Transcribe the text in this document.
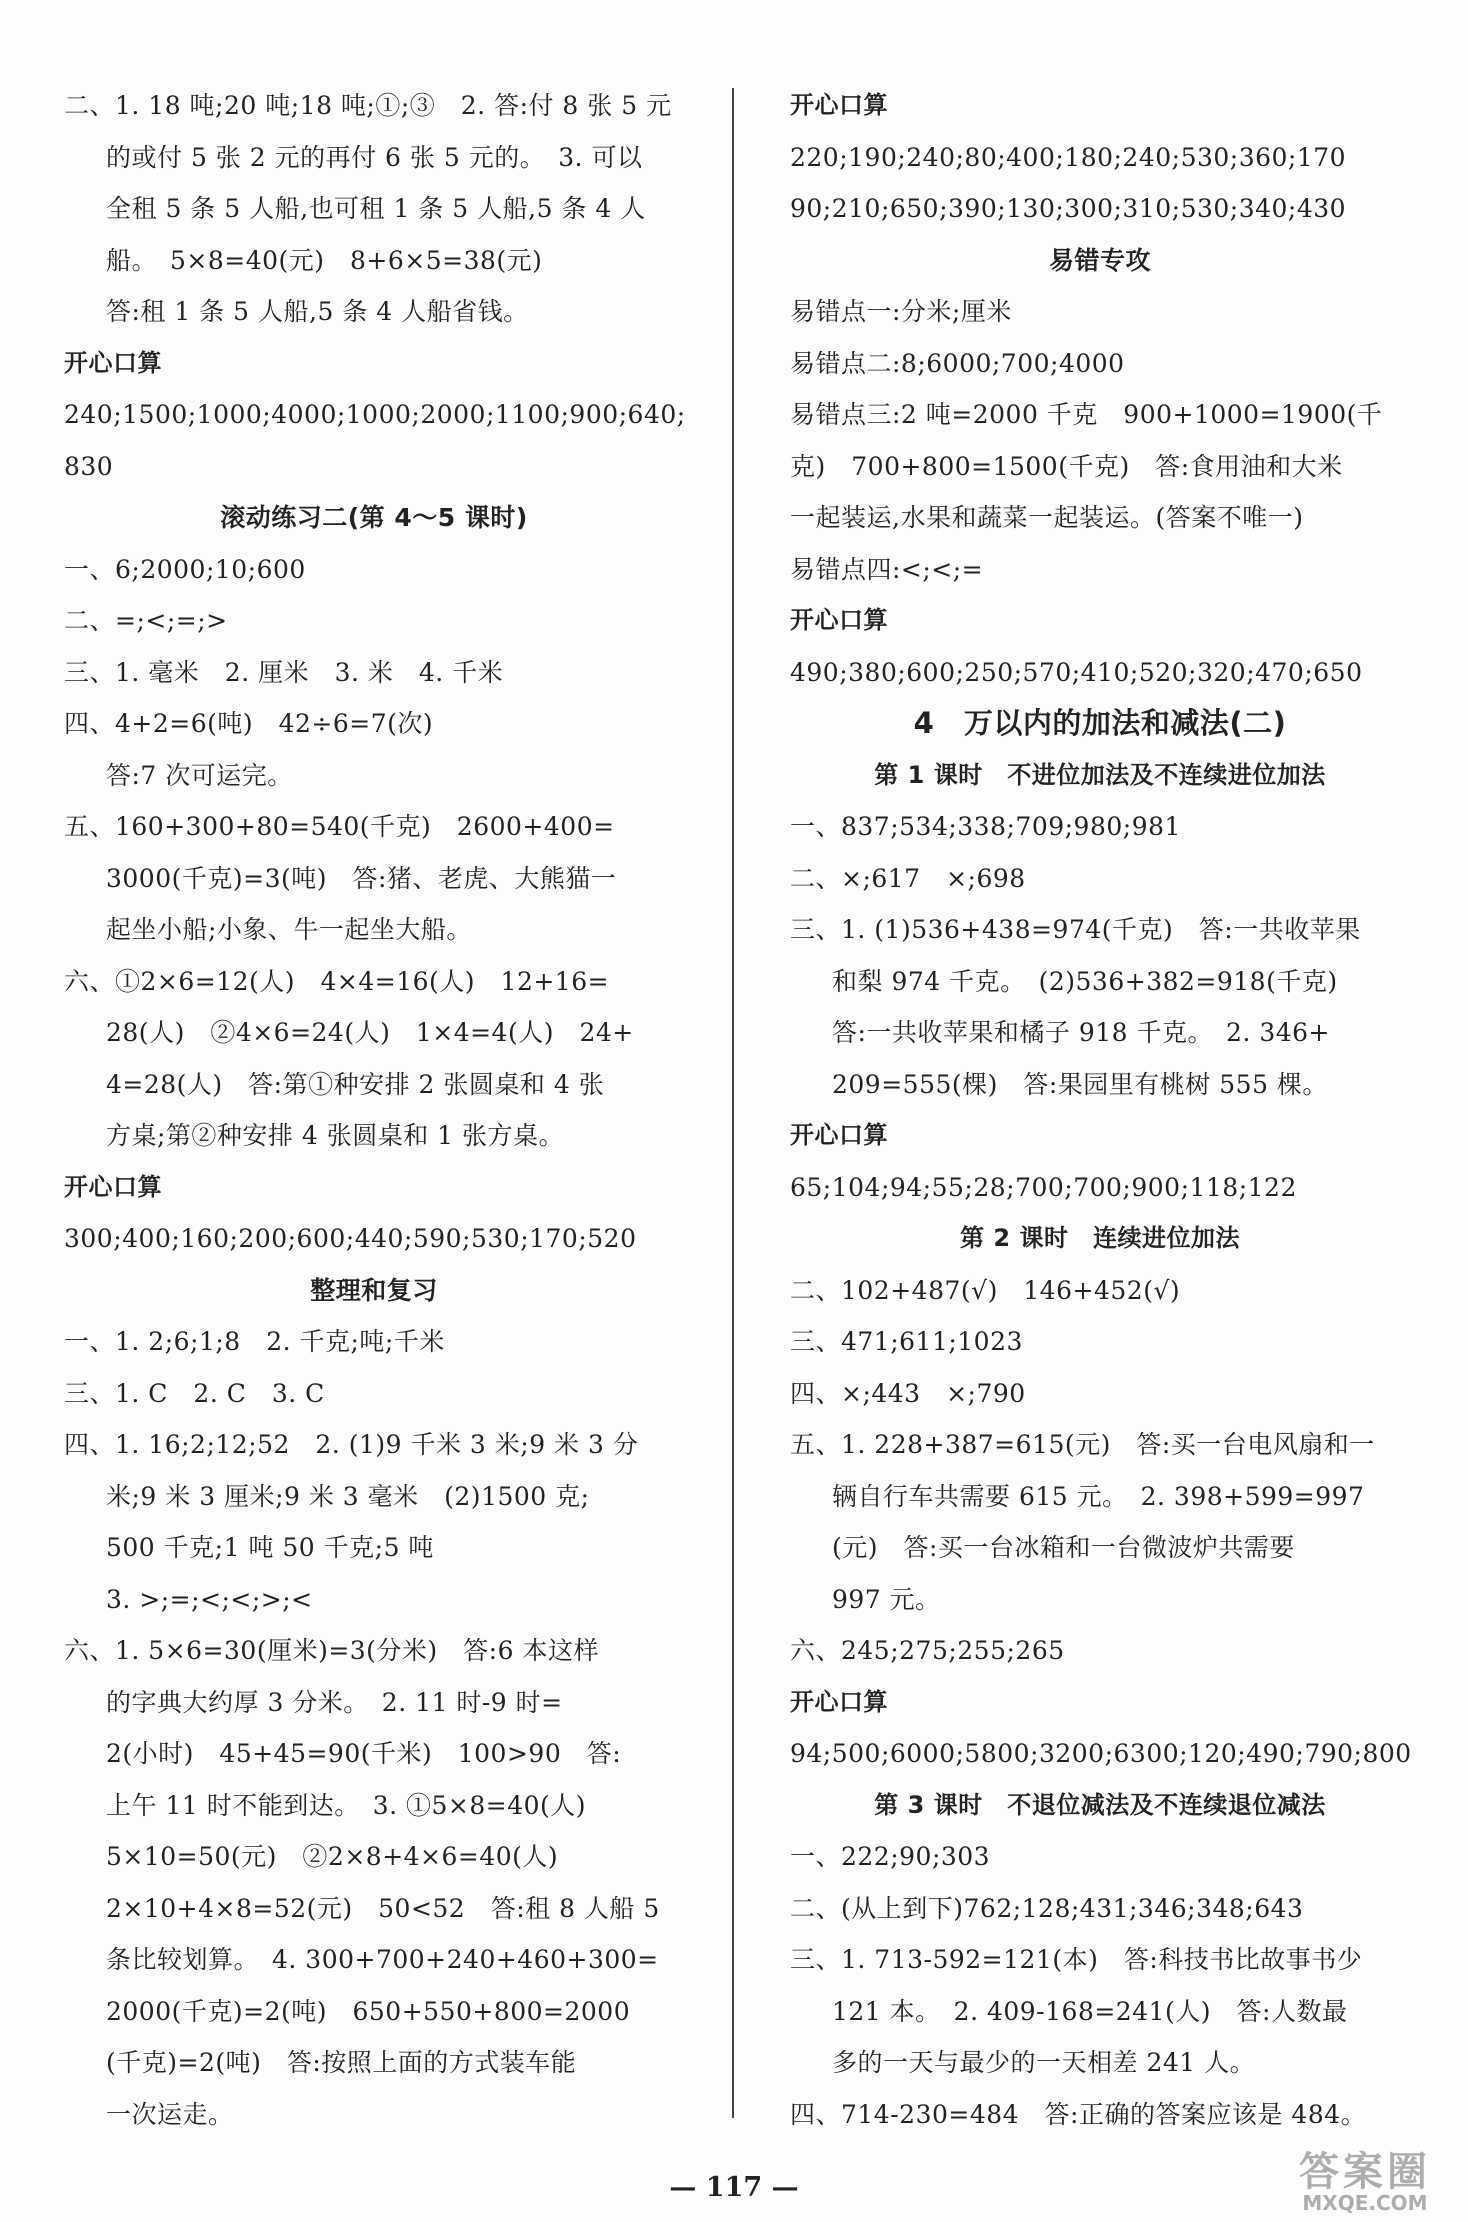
二、1. 18 吨;20 吨;18 吨;①;③　2. 答:付 8 张 5 元
的或付 5 张 2 元的再付 6 张 5 元的。　3. 可以
全租 5 条 5 人船,也可租 1 条 5 人船,5 条 4 人
船。　5×8=40(元)　8+6×5=38(元)
答:租 1 条 5 人船,5 条 4 人船省钱。
开心口算
240;1500;1000;4000;1000;2000;1100;900;640;
830
滚动练习二(第 4～5 课时)
一、6;2000;10;600
二、=;<;=;>
三、1. 毫米　2. 厘米　3. 米　4. 千米
四、4+2=6(吨)　42÷6=7(次)
答:7 次可运完。
五、160+300+80=540(千克)　2600+400=
3000(千克)=3(吨)　答:猪、老虎、大熊猫一
起坐小船;小象、牛一起坐大船。
六、①2×6=12(人)　4×4=16(人)　12+16=
28(人)　②4×6=24(人)　1×4=4(人)　24+
4=28(人)　答:第①种安排 2 张圆桌和 4 张
方桌;第②种安排 4 张圆桌和 1 张方桌。
开心口算
300;400;160;200;600;440;590;530;170;520
整理和复习
一、1. 2;6;1;8　2. 千克;吨;千米
三、1. C　2. C　3. C
四、1. 16;2;12;52　2. (1)9 千米 3 米;9 米 3 分
米;9 米 3 厘米;9 米 3 毫米　(2)1500 克;
500 千克;1 吨 50 千克;5 吨
3. >;=;<;<;>;<
六、1. 5×6=30(厘米)=3(分米)　答:6 本这样
的字典大约厚 3 分米。　2. 11 时-9 时=
2(小时)　45+45=90(千米)　100>90　答:
上午 11 时不能到达。　3. ①5×8=40(人)
5×10=50(元)　②2×8+4×6=40(人)
2×10+4×8=52(元)　50<52　答:租 8 人船 5
条比较划算。　4. 300+700+240+460+300=
2000(千克)=2(吨)　650+550+800=2000
(千克)=2(吨)　答:按照上面的方式装车能
一次运走。
开心口算
220;190;240;80;400;180;240;530;360;170
90;210;650;390;130;300;310;530;340;430
易错专攻
易错点一:分米;厘米
易错点二:8;6000;700;4000
易错点三:2 吨=2000 千克　900+1000=1900(千
克)　700+800=1500(千克)　答:食用油和大米
一起装运,水果和蔬菜一起装运。(答案不唯一)
易错点四:<;<;=
开心口算
490;380;600;250;570;410;520;320;470;650
4　万以内的加法和减法(二)
第 1 课时　不进位加法及不连续进位加法
一、837;534;338;709;980;981
二、×;617　×;698
三、1. (1)536+438=974(千克)　答:一共收苹果
和梨 974 千克。　(2)536+382=918(千克)
答:一共收苹果和橘子 918 千克。　2. 346+
209=555(棵)　答:果园里有桃树 555 棵。
开心口算
65;104;94;55;28;700;700;900;118;122
第 2 课时　连续进位加法
二、102+487(√)　146+452(√)
三、471;611;1023
四、×;443　×;790
五、1. 228+387=615(元)　答:买一台电风扇和一
辆自行车共需要 615 元。　2. 398+599=997
(元)　答:买一台冰箱和一台微波炉共需要
997 元。
六、245;275;255;265
开心口算
94;500;6000;5800;3200;6300;120;490;790;800
第 3 课时　不退位减法及不连续退位减法
一、222;90;303
二、(从上到下)762;128;431;346;348;643
三、1. 713-592=121(本)　答:科技书比故事书少
121 本。　2. 409-168=241(人)　答:人数最
多的一天与最少的一天相差 241 人。
四、714-230=484　答:正确的答案应该是 484。
— 117 —	答案圈
MXQE.COM
